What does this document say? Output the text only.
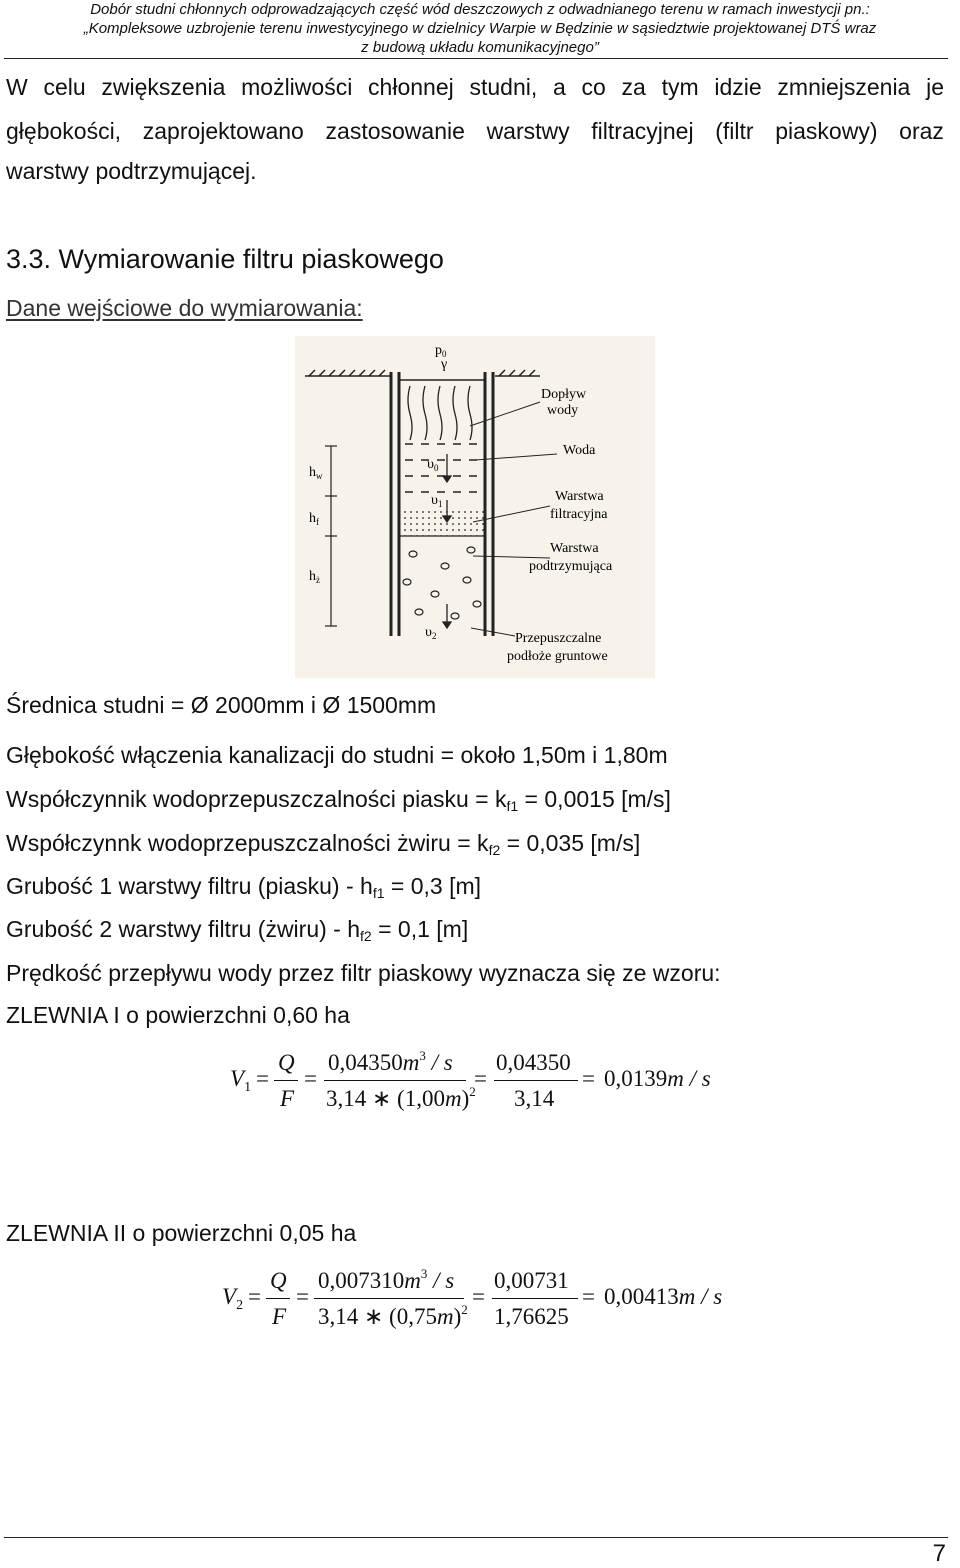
Dobór studni chłonnych odprowadzających część wód deszczowych z odwadnianego terenu w ramach inwestycji pn.:
„Kompleksowe uzbrojenie terenu inwestycyjnego w dzielnicy Warpie w Będzinie w sąsiedztwie projektowanej DTŚ wraz
z budową układu komunikacyjnego”
W celu zwiększenia możliwości chłonnej studni, a co za tym idzie zmniejszenia je
głębokości, zaprojektowano zastosowanie warstwy filtracyjnej (filtr piaskowy) oraz
warstwy podtrzymującej.
3.3. Wymiarowanie filtru piaskowego
Dane wejściowe do wymiarowania:
$p_0$
γ
Dopływ
wody
Woda
Warstwa
filtracyjna
Warstwa
podtrzymująca
Przepuszczalne
podłoże gruntowe
$h_w$
$h_f$
$h_ż$
$\upsilon_0$
$\upsilon_1$
$\upsilon_2$
Średnica studni = Ø 2000mm i Ø 1500mm
Głębokość włączenia kanalizacji do studni = około 1,50m i 1,80m
Współczynnik wodoprzepuszczalności piasku = $k_{f1} = 0,0015$ [m/s]
Współczynnk wodoprzepuszczalności żwiru = $k_{f2} = 0,035$ [m/s]
Grubość 1 warstwy filtru (piasku) - $h_{f1} = 0,3$ [m]
Grubość 2 warstwy filtru (żwiru) - $h_{f2} = 0,1$ [m]
Prędkość przepływu wody przez filtr piaskowy wyznacza się ze wzoru:
ZLEWNIA I o powierzchni 0,60 ha
$V_1$ =
Q
F
=
$0,04350m^3$ / s
3,14 ∗ $(1,00m)^2$
=
0,04350
3,14
= 0,0139m / s
ZLEWNIA II o powierzchni 0,05 ha
$V_2$ =
Q
F
=
$0,007310m^3$ / s
3,14 ∗ $(0,75m)^2$
=
0,00731
1,76625
= 0,00413m / s
7
